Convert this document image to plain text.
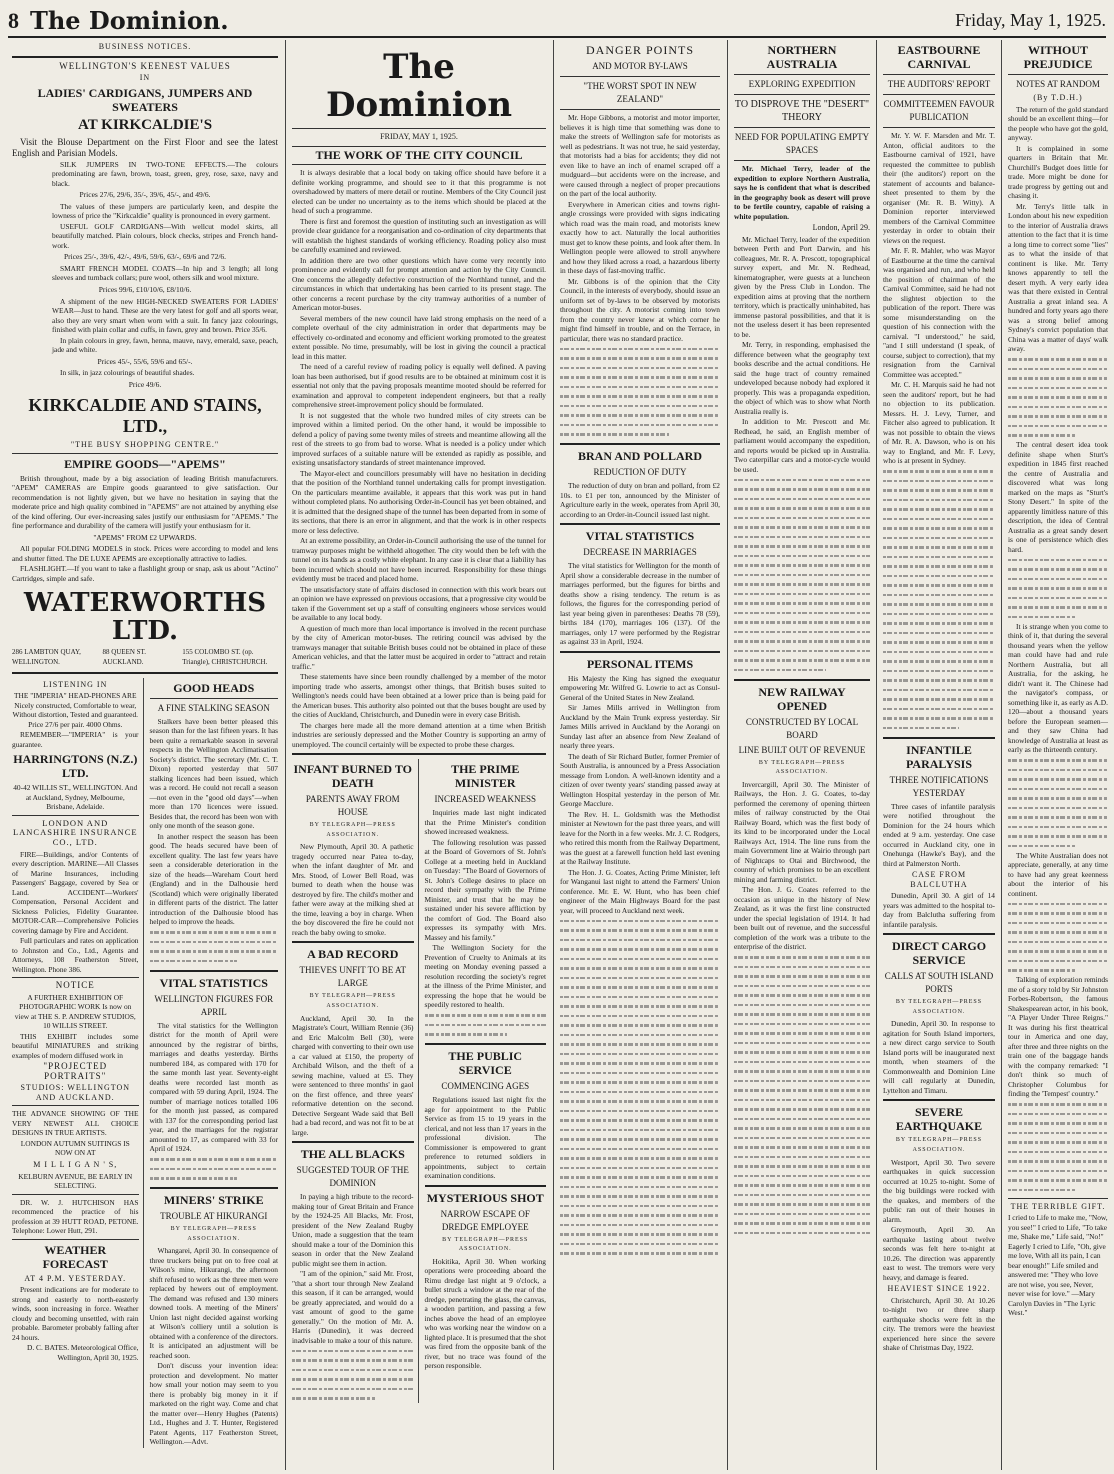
8 The Dominion.	Friday, May 1, 1925.
BUSINESS NOTICES.
WELLINGTON'S KEENEST VALUES
IN
LADIES' CARDIGANS, JUMPERS AND SWEATERS
AT KIRKCALDIE'S
Visit the Blouse Department on the First Floor and see the latest English and Parisian Models.
SILK JUMPERS IN TWO-TONE EFFECTS.—The colours predominating are fawn, brown, toast, green, grey, rose, saxe, navy and black.
Prices 27/6, 29/6, 35/-, 39/6, 45/-, and 49/6.
The values of these jumpers are particularly keen, and despite the lowness of price the "Kirkcaldie" quality is pronounced in every garment.
USEFUL GOLF CARDIGANS—With wellcut model skirts, all beautifully matched. Plain colours, block checks, stripes and French hand-work.
Prices 25/-, 39/6, 42/-, 49/6, 59/6, 63/-, 69/6 and 72/6.
SMART FRENCH MODEL COATS—In hip and 3 length; all long sleeves and turnback collars; pure wool, others silk and wool mixture.
Prices 99/6, £10/10/6, £8/10/6.
A shipment of the new HIGH-NECKED SWEATERS FOR LADIES' WEAR—Just to hand. These are the very latest for golf and all sports wear, also they are very smart when worn with a suit. In fancy jazz colourings, finished with plain collar and cuffs, in fawn, grey and brown. Price 35/6.
In plain colours in grey, fawn, henna, mauve, navy, emerald, saxe, peach, jade and white.
Prices 45/-, 55/6, 59/6 and 65/-.
In silk, in jazz colourings of beautiful shades.
Price 49/6.
KIRKCALDIE AND STAINS, LTD.,
"THE BUSY SHOPPING CENTRE."
EMPIRE GOODS—"APEMS"
British throughout, made by a big association of leading British manufacturers. "APEM" CAMERAS are Empire goods guaranteed to give satisfaction. Our recommendation is not lightly given, but we have no hesitation in saying that the moderate price and high quality combined in "APEMS" are not attained by anything else of the kind offering. Our ever-increasing sales justify our enthusiasm for "APEMS." The fine performance and durability of the camera will justify your enthusiasm for it.
"APEMS" FROM £2 UPWARDS.
All popular FOLDING MODELS in stock. Prices were according to model and lens and shutter fitted. The DE LUXE APEMS are exceptionally attractive to ladies.
FLASHLIGHT.—If you want to take a flashlight group or snap, ask us about "Actino" Cartridges, simple and safe.
WATERWORTHS LTD.
286 LAMBTON QUAY, WELLINGTON.
88 QUEEN ST. AUCKLAND.
155 COLOMBO ST. (op. Triangle), CHRISTCHURCH.
LISTENING IN
THE "IMPERIA" HEAD-PHONES ARE Nicely constructed, Comfortable to wear, Without distortion, Tested and guaranteed. Price 27/6 per pair. 4000 Ohms.
REMEMBER—"IMPERIA" is your guarantee.
HARRINGTONS (N.Z.) LTD.
40-42 WILLIS ST., WELLINGTON. And at Auckland, Sydney, Melbourne, Brisbane, Adelaide.
LONDON AND LANCASHIRE INSURANCE CO., LTD.
FIRE—Buildings, and/or Contents of every description. MARINE—All Classes of Marine Insurances, including Passengers' Baggage, covered by Sea or Land. ACCIDENT—Workers' Compensation, Personal Accident and Sickness Policies, Fidelity Guarantee. MOTOR-CAR—Comprehensive Policies covering damage by Fire and Accident.
Full particulars and rates on application to Johnston and Co., Ltd., Agents and Attorneys, 108 Featherston Street, Wellington. Phone 386.
NOTICE
A FURTHER EXHIBITION OF PHOTOGRAPHIC WORK Is now on view at THE S. P. ANDREW STUDIOS, 10 WILLIS STREET.
THIS EXHIBIT includes some beautiful MINIATURES and striking examples of modern diffused work in
"PROJECTED PORTRAITS"
STUDIOS: WELLINGTON AND AUCKLAND.
THE ADVANCE SHOWING OF THE VERY NEWEST ALL CHOICE DESIGNS IN TRUE ARTISTS.
LONDON AUTUMN SUITINGS IS NOW ON AT
M I L L I G A N ' S,
KELBURN AVENUE, BE EARLY IN SELECTING.
DR. W. J. HUTCHISON HAS recommenced the practice of his profession at 39 HUTT ROAD, PETONE. Telephone: Lower Hutt, 291.
WEATHER FORECAST
AT 4 P.M. YESTERDAY.
Present indications are for moderate to strong and easterly to north-easterly winds, soon increasing in force. Weather cloudy and becoming unsettled, with rain probable. Barometer probably falling after 24 hours.
D. C. BATES. Meteorological Office, Wellington, April 30, 1925.
GOOD HEADS
A FINE STALKING SEASON
Stalkers have been better pleased this season than for the last fifteen years. It has been quite a remarkable season in several respects in the Wellington Acclimatisation Society's district. The secretary (Mr. C. T. Dixon) reported yesterday that 507 stalking licences had been issued, which was a record. He could not recall a season—not even in the "good old days"—when more than 170 licences were issued. Besides that, the record has been won with only one month of the season gone.
In another respect the season has been good. The heads secured have been of excellent quality. The last few years have seen a considerable deterioration in the size of the heads—Wareham Court herd (England) and in the Dalhousie herd (Scotland) which were originally liberated in different parts of the district. The latter introduction of the Dalhousie blood has helped to improve the heads.
VITAL STATISTICS
WELLINGTON FIGURES FOR APRIL
The vital statistics for the Wellington district for the month of April were announced by the registrar of births, marriages and deaths yesterday. Births numbered 184, as compared with 170 for the same month last year. Seventy-eight deaths were recorded last month as compared with 59 during April, 1924. The number of marriage notices totalled 106 for the month just passed, as compared with 137 for the corresponding period last year, and the marriages for the registrar amounted to 17, as compared with 33 for April of 1924.
MINERS' STRIKE
TROUBLE AT HIKURANGI
BY TELEGRAPH—PRESS ASSOCIATION.
Whangarei, April 30. In consequence of three truckers being put on to free coal at Wilson's mine, Hikurangi, the afternoon shift refused to work as the three men were replaced by hewers out of employment. The demand was refused and 130 miners downed tools. A meeting of the Miners' Union last night decided against working at Wilson's colliery until a solution is obtained with a conference of the directors. It is anticipated an adjustment will be reached soon.
Don't discuss your invention idea: protection and development. No matter how small your notion may seem to you there is probably big money in it if marketed on the right way. Come and chat the matter over—Henry Hughes (Patents) Ltd., Hughes and J. T. Hunter, Registered Patent Agents, 117 Featherston Street, Wellington.—Advt.
The Dominion
FRIDAY, MAY 1, 1925.
THE WORK OF THE CITY COUNCIL
It is always desirable that a local body on taking office should have before it a definite working programme, and should see to it that this programme is not overshadowed by matters of mere detail or routine. Members of the City Council just elected can be under no uncertainty as to the items which should be placed at the head of such a programme.
There is first and foremost the question of instituting such an investigation as will provide clear guidance for a reorganisation and co-ordination of city departments that will establish the highest standards of working efficiency. Roading policy also must be carefully examined and reviewed.
In addition there are two other questions which have come very recently into prominence and evidently call for prompt attention and action by the City Council. One concerns the allegedly defective construction of the Northland tunnel, and the circumstances in which that undertaking has been carried to its present stage. The other concerns a recent purchase by the city tramway authorities of a number of American motor-buses.
Several members of the new council have laid strong emphasis on the need of a complete overhaul of the city administration in order that departments may be effectively co-ordinated and economy and efficient working promoted to the greatest extent possible. No time, presumably, will be lost in giving the council a practical lead in this matter.
The need of a careful review of roading policy is equally well defined. A paving loan has been authorised, but if good results are to be obtained at minimum cost it is essential not only that the paving proposals meantime mooted should be referred for examination and approval to competent independent engineers, but that a really comprehensive street-improvement policy should be formulated.
It is not suggested that the whole two hundred miles of city streets can be improved within a limited period. On the other hand, it would be impossible to defend a policy of paving some twenty miles of streets and meantime allowing all the rest of the streets to go from bad to worse. What is needed is a policy under which improved surfaces of a suitable nature will be extended as rapidly as possible, and existing unsatisfactory standards of street maintenance improved.
The Mayor-elect and councillors presumably will have no hesitation in deciding that the position of the Northland tunnel undertaking calls for prompt investigation. On the particulars meantime available, it appears that this work was put in hand without completed plans. No authorising Order-in-Council has yet been obtained, and it is admitted that the designed shape of the tunnel has been departed from in some of its sections, that there is an error in alignment, and that the work is in other respects more or less defective.
At an extreme possibility, an Order-in-Council authorising the use of the tunnel for tramway purposes might be withheld altogether. The city would then be left with the tunnel on its hands as a costly white elephant. In any case it is clear that a liability has been incurred which should not have been incurred. Responsibility for these things evidently must be traced and placed home.
The unsatisfactory state of affairs disclosed in connection with this work bears out an opinion we have expressed on previous occasions, that a progressive city would be taken if the Government set up a staff of consulting engineers whose services would be available to any local body.
A question of much more than local importance is involved in the recent purchase by the city of American motor-buses. The retiring council was advised by the tramways manager that suitable British buses could not be obtained in place of these American vehicles, and that the latter must be acquired in order to "attract and retain traffic."
These statements have since been roundly challenged by a member of the motor importing trade who asserts, amongst other things, that British buses suited to Wellington's needs could have been obtained at a lower price than is being paid for the American buses. This authority also pointed out that the buses bought are used by the cities of Auckland, Christchurch, and Dunedin were in every case British.
The charges here made all the more demand attention at a time when British industries are seriously depressed and the Mother Country is supporting an army of unemployed. The council certainly will be expected to probe these charges.
INFANT BURNED TO DEATH
PARENTS AWAY FROM HOUSE
BY TELEGRAPH—PRESS ASSOCIATION.
New Plymouth, April 30. A pathetic tragedy occurred near Patea to-day, when the infant daughter of Mr. and Mrs. Stood, of Lower Bell Road, was burned to death when the house was destroyed by fire. The child's mother and father were away at the milking shed at the time, leaving a boy in charge. When the boy discovered the fire he could not reach the baby owing to smoke.
A BAD RECORD
THIEVES UNFIT TO BE AT LARGE
BY TELEGRAPH—PRESS ASSOCIATION.
Auckland, April 30. In the Magistrate's Court, William Rennie (36) and Eric Malcolm Bell (30), were charged with converting to their own use a car valued at £150, the property of Archibald Wilson, and the theft of a sewing machine, valued at £5. They were sentenced to three months' in gaol on the first offence, and three years' reformative detention on the second. Detective Sergeant Wade said that Bell had a bad record, and was not fit to be at large.
THE ALL BLACKS
SUGGESTED TOUR OF THE DOMINION
In paying a high tribute to the record-making tour of Great Britain and France by the 1924-25 All Blacks, Mr. Frost, president of the New Zealand Rugby Union, made a suggestion that the team should make a tour of the Dominion this season in order that the New Zealand public might see them in action.
"I am of the opinion," said Mr. Frost, "that a short tour through New Zealand this season, if it can be arranged, would be greatly appreciated, and would do a vast amount of good to the game generally." On the motion of Mr. A. Harris (Dunedin), it was decreed inadvisable to make a tour of this nature.
THE PRIME MINISTER
INCREASED WEAKNESS
Inquiries made last night indicated that the Prime Minister's condition showed increased weakness.
The following resolution was passed at the Board of Governors of St. John's College at a meeting held in Auckland on Tuesday: "The Board of Governors of St. John's College desires to place on record their sympathy with the Prime Minister, and trust that he may be sustained under his severe affliction by the comfort of God. The Board also expresses its sympathy with Mrs. Massey and his family."
The Wellington Society for the Prevention of Cruelty to Animals at its meeting on Monday evening passed a resolution recording the society's regret at the illness of the Prime Minister, and expressing the hope that he would be speedily restored to health.
THE PUBLIC SERVICE
COMMENCING AGES
Regulations issued last night fix the age for appointment to the Public Service as from 15 to 19 years in the clerical, and not less than 17 years in the professional division. The Commissioner is empowered to grant preference to returned soldiers in appointments, subject to certain examination conditions.
MYSTERIOUS SHOT
NARROW ESCAPE OF DREDGE EMPLOYEE
BY TELEGRAPH—PRESS ASSOCIATION.
Hokitika, April 30. When working operations were proceeding aboard the Rimu dredge last night at 9 o'clock, a bullet struck a window at the rear of the dredge, penetrating the glass, the canvas, a wooden partition, and passing a few inches above the head of an employee who was working near the window on a lighted place. It is presumed that the shot was fired from the opposite bank of the river, but no trace was found of the person responsible.
DANGER POINTS
AND MOTOR BY-LAWS
"THE WORST SPOT IN NEW ZEALAND"
Mr. Hope Gibbons, a motorist and motor importer, believes it is high time that something was done to make the streets of Wellington safe for motorists as well as pedestrians. It was not true, he said yesterday, that motorists had a bias for accidents; they did not even like to have an inch of enamel scraped off a mudguard—but accidents were on the increase, and were caused through a neglect of proper precautions on the part of the local authority.
Everywhere in American cities and towns right-angle crossings were provided with signs indicating which road was the main road, and motorists knew exactly how to act. Naturally the local authorities must get to know these points, and look after them. In Wellington people were allowed to stroll anywhere and how they liked across a road, a hazardous liberty in these days of fast-moving traffic.
Mr. Gibbons is of the opinion that the City Council, in the interests of everybody, should issue an uniform set of by-laws to be observed by motorists throughout the city. A motorist coming into town from the country never knew at which corner he might find himself in trouble, and on the Terrace, in particular, there was no standard practice.
BRAN AND POLLARD
REDUCTION OF DUTY
The reduction of duty on bran and pollard, from £2 10s. to £1 per ton, announced by the Minister of Agriculture early in the week, operates from April 30, according to an Order-in-Council issued last night.
VITAL STATISTICS
DECREASE IN MARRIAGES
The vital statistics for Wellington for the month of April show a considerable decrease in the number of marriages performed, but the figures for births and deaths show a rising tendency. The return is as follows, the figures for the corresponding period of last year being given in parentheses: Deaths 78 (59), births 184 (170), marriages 106 (137). Of the marriages, only 17 were performed by the Registrar as against 33 in April, 1924.
PERSONAL ITEMS
His Majesty the King has signed the exequatur empowering Mr. Wilfred G. Lowrie to act as Consul-General of the United States in New Zealand.
Sir James Mills arrived in Wellington from Auckland by the Main Trunk express yesterday. Sir James Mills arrived in Auckland by the Aorangi on Sunday last after an absence from New Zealand of nearly three years.
The death of Sir Richard Butler, former Premier of South Australia, is announced by a Press Association message from London. A well-known identity and a citizen of over twenty years' standing passed away at Wellington Hospital yesterday in the person of Mr. George Macclure.
The Rev. H. L. Goldsmith was the Methodist minister at Newtown for the past three years, and will leave for the North in a few weeks. Mr. J. C. Rodgers, who retired this month from the Railway Department, was the guest at a farewell function held last evening at the Railway Institute.
The Hon. J. G. Coates, Acting Prime Minister, left for Wanganui last night to attend the Farmers' Union conference. Mr. E. W. Hunt, who has been chief engineer of the Main Highways Board for the past year, will proceed to Auckland next week.
NORTHERN AUSTRALIA
EXPLORING EXPEDITION
TO DISPROVE THE "DESERT" THEORY
NEED FOR POPULATING EMPTY SPACES
Mr. Michael Terry, leader of the expedition to explore Northern Australia, says he is confident that what is described in the geography book as desert will prove to be fertile country, capable of raising a white population.
London, April 29.
Mr. Michael Terry, leader of the expedition between Perth and Port Darwin, and his colleagues, Mr. R. A. Prescott, topographical survey expert, and Mr. N. Redhead, kinematographer, were guests at a luncheon given by the Press Club in London. The expedition aims at proving that the northern territory, which is practically uninhabited, has immense pastoral possibilities, and that it is not the useless desert it has been represented to be.
Mr. Terry, in responding, emphasised the difference between what the geography text books describe and the actual conditions. He said the huge tract of country remained undeveloped because nobody had explored it properly. This was a propaganda expedition, the object of which was to show what North Australia really is.
In addition to Mr. Prescott and Mr. Redhead, he said, an English member of parliament would accompany the expedition, and reports would be picked up in Australia. Two caterpillar cars and a motor-cycle would be used.
NEW RAILWAY OPENED
CONSTRUCTED BY LOCAL BOARD
LINE BUILT OUT OF REVENUE
BY TELEGRAPH—PRESS ASSOCIATION.
Invercargill, April 30. The Minister of Railways, the Hon. J. G. Coates, to-day performed the ceremony of opening thirteen miles of railway constructed by the Otai Railway Board, which was the first body of its kind to be incorporated under the Local Railways Act, 1914. The line runs from the main Government line at Wairio through part of Nightcaps to Otai and Birchwood, the country of which promises to be an excellent mining and farming district.
The Hon. J. G. Coates referred to the occasion as unique in the history of New Zealand, as it was the first line constructed under the special legislation of 1914. It had been built out of revenue, and the successful completion of the work was a tribute to the enterprise of the district.
EASTBOURNE CARNIVAL
THE AUDITORS' REPORT
COMMITTEEMEN FAVOUR PUBLICATION
Mr. Y. W. F. Marsden and Mr. T. Anton, official auditors to the Eastbourne carnival of 1921, have requested the committee to publish their (the auditors') report on the statement of accounts and balance-sheet presented to them by the organiser (Mr. R. B. Witty). A Dominion reporter interviewed members of the Carnival Committee yesterday in order to obtain their views on the request.
Mr. F. R. Mahler, who was Mayor of Eastbourne at the time the carnival was organised and run, and who held the position of chairman of the Carnival Committee, said he had not the slightest objection to the publication of the report. There was some misunderstanding on the question of his connection with the carnival. "I understood," he said, "and I still understand (I speak, of course, subject to correction), that my resignation from the Carnival Committee was accepted."
Mr. C. H. Marquis said he had not seen the auditors' report, but he had no objection to its publication. Messrs. H. J. Levy, Turner, and Fitcher also agreed to publication. It was not possible to obtain the views of Mr. R. A. Dawson, who is on his way to England, and Mr. F. Levy, who is at present in Sydney.
INFANTILE PARALYSIS
THREE NOTIFICATIONS YESTERDAY
Three cases of infantile paralysis were notified throughout the Dominion for the 24 hours which ended at 9 a.m. yesterday. One case occurred in Auckland city, one in Onehunga (Hawke's Bay), and the third at Palmerston North.
CASE FROM BALCLUTHA
Dunedin, April 30. A girl of 14 years was admitted to the hospital to-day from Balclutha suffering from infantile paralysis.
DIRECT CARGO SERVICE
CALLS AT SOUTH ISLAND PORTS
BY TELEGRAPH—PRESS ASSOCIATION.
Dunedin, April 30. In response to agitation for South Island importers, a new direct cargo service to South Island ports will be inaugurated next month, when steamers of the Commonwealth and Dominion Line will call regularly at Dunedin, Lyttelton and Timaru.
SEVERE EARTHQUAKE
BY TELEGRAPH—PRESS ASSOCIATION.
Westport, April 30. Two severe earthquakes in quick succession occurred at 10.25 to-night. Some of the big buildings were rocked with the quakes, and members of the public ran out of their houses in alarm.
Greymouth, April 30. An earthquake lasting about twelve seconds was felt here to-night at 10.26. The direction was apparently east to west. The tremors were very heavy, and damage is feared.
HEAVIEST SINCE 1922.
Christchurch, April 30. At 10.26 to-night two or three sharp earthquake shocks were felt in the city. The tremors were the heaviest experienced here since the severe shake of Christmas Day, 1922.
WITHOUT PREJUDICE
NOTES AT RANDOM
(By T.D.H.)
The return of the gold standard should be an excellent thing—for the people who have got the gold, anyway.
It is complained in some quarters in Britain that Mr. Churchill's Budget does little for trade. More might be done for trade progress by getting out and chasing it.
Mr. Terry's little talk in London about his new expedition to the interior of Australia draws attention to the fact that it is time a long time to correct some "lies" as to what the inside of that continent is like. Mr. Terry knows apparently to tell the desert myth. A very early idea was that there existed in Central Australia a great inland sea. A hundred and forty years ago there was a strong belief among Sydney's convict population that China was a matter of days' walk away.
The central desert idea took definite shape when Sturt's expedition in 1845 first reached the centre of Australia and discovered what was long marked on the maps as "Sturt's Stony Desert." In spite of the apparently limitless nature of this description, the idea of Central Australia as a great sandy desert is one of persistence which dies hard.
It is strange when you come to think of it, that during the several thousand years when the yellow man could have had and rule Northern Australia, but all Australia, for the asking, he didn't want it. The Chinese had the navigator's compass, or something like it, as early as A.D. 120—about a thousand years before the European seamen—and they saw China had knowledge of Australia at least as early as the thirteenth century.
The White Australian does not appreciate, generally, at any time to have had any great keenness about the interior of his continent.
Talking of exploration reminds me of a story told by Sir Johnston Forbes-Robertson, the famous Shakespearean actor, in his book, "A Player Under Three Reigns." It was during his first theatrical tour in America and one day, after three and three nights on the train one of the baggage hands with the company remarked: "I don't think so much of Christopher Columbus for finding the 'Tempest' country."
THE TERRIBLE GIFT.
I cried to Life to make me, "Now, you see!" I cried to Life, "To take me, Shake me," Life said, "No!" Eagerly I cried to Life, "Oh, give me love, With all its pain, I can bear enough!" Life smiled and answered me: "They who love are not wise, you see, Never, never wise for love." —Mary Carolyn Davies in "The Lyric West."
